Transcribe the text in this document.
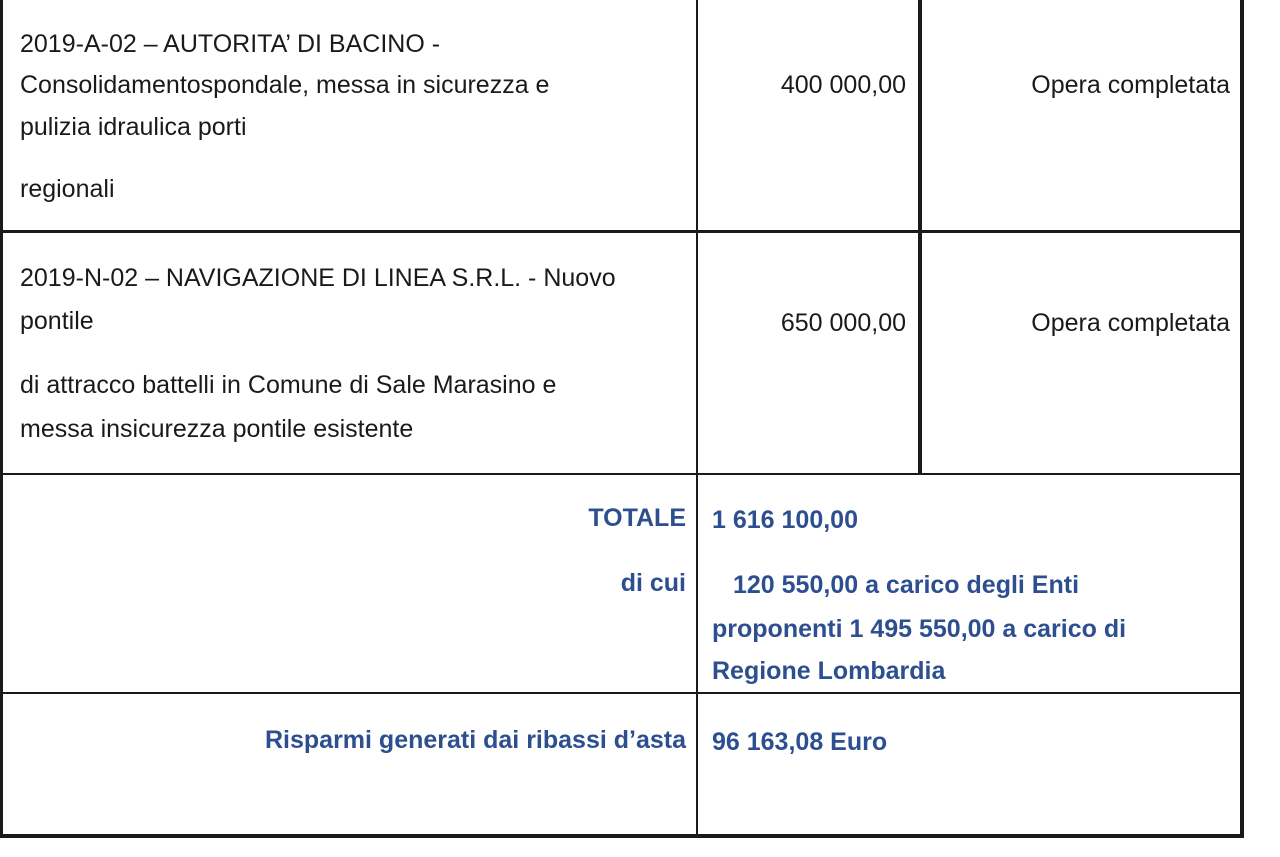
2019-A-02 – AUTORITA’ DI BACINO -
Consolidamentospondale, messa in sicurezza e
pulizia idraulica porti
regionali
400 000,00	Opera completata
2019-N-02 – NAVIGAZIONE DI LINEA S.R.L. - Nuovo
pontile
di attracco battelli in Comune di Sale Marasino e
messa insicurezza pontile esistente
650 000,00	Opera completata
TOTALE 1 616 100,00
di cui 120 550,00 a carico degli Enti
proponenti 1 495 550,00 a carico di
Regione Lombardia
Risparmi generati dai ribassi d’asta 96 163,08 Euro
